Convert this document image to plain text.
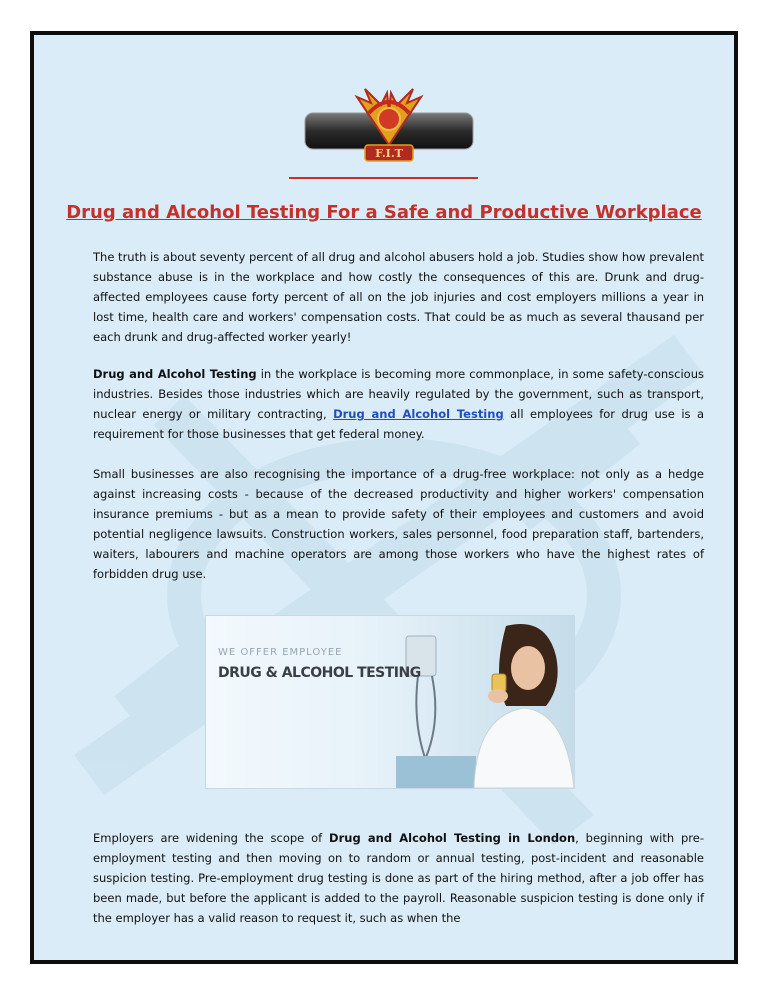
F.I.T
Drug and Alcohol Testing For a Safe and Productive Workplace

The truth is about seventy percent of all drug and alcohol abusers hold a job. Studies show how prevalent substance abuse is in the workplace and how costly the consequences of this are. Drunk and drug-affected employees cause forty percent of all on the job injuries and cost employers millions a year in lost time, health care and workers' compensation costs. That could be as much as several thausand per each drunk and drug-affected worker yearly!

Drug and Alcohol Testing in the workplace is becoming more commonplace, in some safety-conscious industries. Besides those industries which are heavily regulated by the government, such as transport, nuclear energy or military contracting, Drug and Alcohol Testing all employees for drug use is a requirement for those businesses that get federal money.

Small businesses are also recognising the importance of a drug-free workplace: not only as a hedge against increasing costs - because of the decreased productivity and higher workers' compensation insurance premiums - but as a mean to provide safety of their employees and customers and avoid potential negligence lawsuits. Construction workers, sales personnel, food preparation staff, bartenders, waiters, labourers and machine operators are among those workers who have the highest rates of forbidden drug use.

WE OFFER EMPLOYEE
DRUG & ALCOHOL TESTING

Employers are widening the scope of Drug and Alcohol Testing in London, beginning with pre-employment testing and then moving on to random or annual testing, post-incident and reasonable suspicion testing. Pre-employment drug testing is done as part of the hiring method, after a job offer has been made, but before the applicant is added to the payroll. Reasonable suspicion testing is done only if the employer has a valid reason to request it, such as when the
